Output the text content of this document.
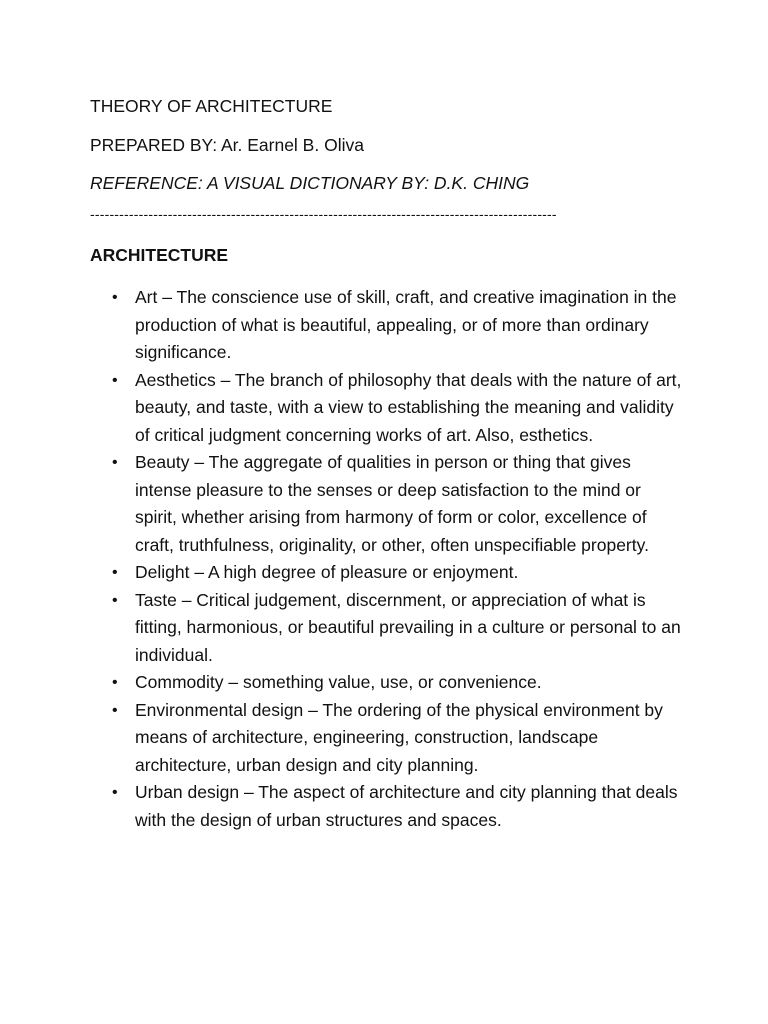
THEORY OF ARCHITECTURE
PREPARED BY: Ar. Earnel B. Oliva
REFERENCE: A VISUAL DICTIONARY BY: D.K. CHING
------------------------------------------------------------------------------------------------
ARCHITECTURE
• Art – The conscience use of skill, craft, and creative imagination in the production of what is beautiful, appealing, or of more than ordinary significance.
• Aesthetics – The branch of philosophy that deals with the nature of art, beauty, and taste, with a view to establishing the meaning and validity of critical judgment concerning works of art. Also, esthetics.
• Beauty – The aggregate of qualities in person or thing that gives intense pleasure to the senses or deep satisfaction to the mind or spirit, whether arising from harmony of form or color, excellence of craft, truthfulness, originality, or other, often unspecifiable property.
• Delight – A high degree of pleasure or enjoyment.
• Taste – Critical judgement, discernment, or appreciation of what is fitting, harmonious, or beautiful prevailing in a culture or personal to an individual.
• Commodity – something value, use, or convenience.
• Environmental design – The ordering of the physical environment by means of architecture, engineering, construction, landscape architecture, urban design and city planning.
• Urban design – The aspect of architecture and city planning that deals with the design of urban structures and spaces.
